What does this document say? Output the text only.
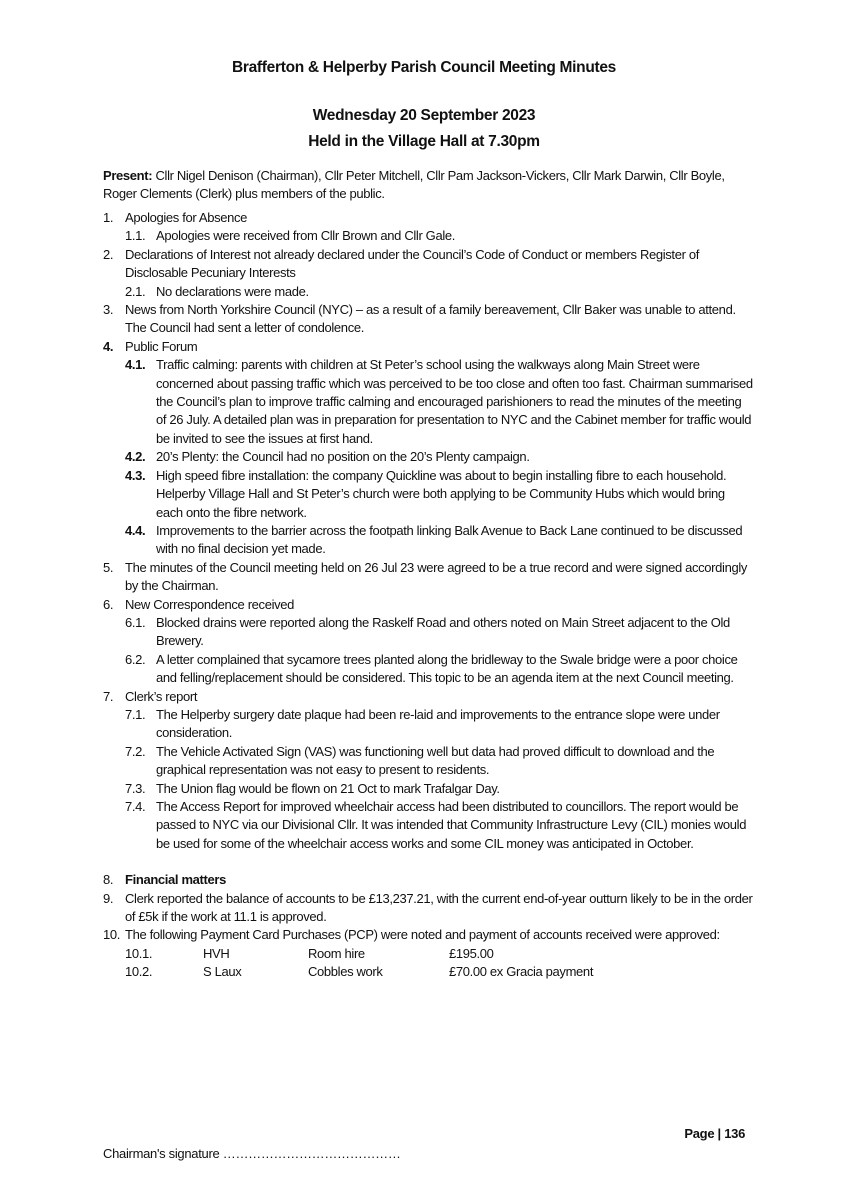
Brafferton & Helperby Parish Council Meeting Minutes
Wednesday 20 September 2023
Held in the Village Hall at 7.30pm
Present: Cllr Nigel Denison (Chairman), Cllr Peter Mitchell, Cllr Pam Jackson-Vickers, Cllr Mark Darwin, Cllr Boyle, Roger Clements (Clerk) plus members of the public.
1. Apologies for Absence
1.1. Apologies were received from Cllr Brown and Cllr Gale.
2. Declarations of Interest not already declared under the Council’s Code of Conduct or members Register of Disclosable Pecuniary Interests
2.1. No declarations were made.
3. News from North Yorkshire Council (NYC) – as a result of a family bereavement, Cllr Baker was unable to attend. The Council had sent a letter of condolence.
4. Public Forum
4.1. Traffic calming: parents with children at St Peter’s school using the walkways along Main Street were concerned about passing traffic which was perceived to be too close and often too fast. Chairman summarised the Council’s plan to improve traffic calming and encouraged parishioners to read the minutes of the meeting of 26 July. A detailed plan was in preparation for presentation to NYC and the Cabinet member for traffic would be invited to see the issues at first hand.
4.2. 20’s Plenty: the Council had no position on the 20’s Plenty campaign.
4.3. High speed fibre installation: the company Quickline was about to begin installing fibre to each household. Helperby Village Hall and St Peter’s church were both applying to be Community Hubs which would bring each onto the fibre network.
4.4. Improvements to the barrier across the footpath linking Balk Avenue to Back Lane continued to be discussed with no final decision yet made.
5. The minutes of the Council meeting held on 26 Jul 23 were agreed to be a true record and were signed accordingly by the Chairman.
6. New Correspondence received
6.1. Blocked drains were reported along the Raskelf Road and others noted on Main Street adjacent to the Old Brewery.
6.2. A letter complained that sycamore trees planted along the bridleway to the Swale bridge were a poor choice and felling/replacement should be considered. This topic to be an agenda item at the next Council meeting.
7. Clerk’s report
7.1. The Helperby surgery date plaque had been re-laid and improvements to the entrance slope were under consideration.
7.2. The Vehicle Activated Sign (VAS) was functioning well but data had proved difficult to download and the graphical representation was not easy to present to residents.
7.3. The Union flag would be flown on 21 Oct to mark Trafalgar Day.
7.4. The Access Report for improved wheelchair access had been distributed to councillors. The report would be passed to NYC via our Divisional Cllr. It was intended that Community Infrastructure Levy (CIL) monies would be used for some of the wheelchair access works and some CIL money was anticipated in October.
8. Financial matters
9. Clerk reported the balance of accounts to be £13,237.21, with the current end-of-year outturn likely to be in the order of £5k if the work at 11.1 is approved.
10. The following Payment Card Purchases (PCP) were noted and payment of accounts received were approved:
10.1.	HVH	Room hire	£195.00
10.2.	S Laux	Cobbles work	£70.00 ex Gracia payment
Page | 136
Chairman's signature ……………………………………
